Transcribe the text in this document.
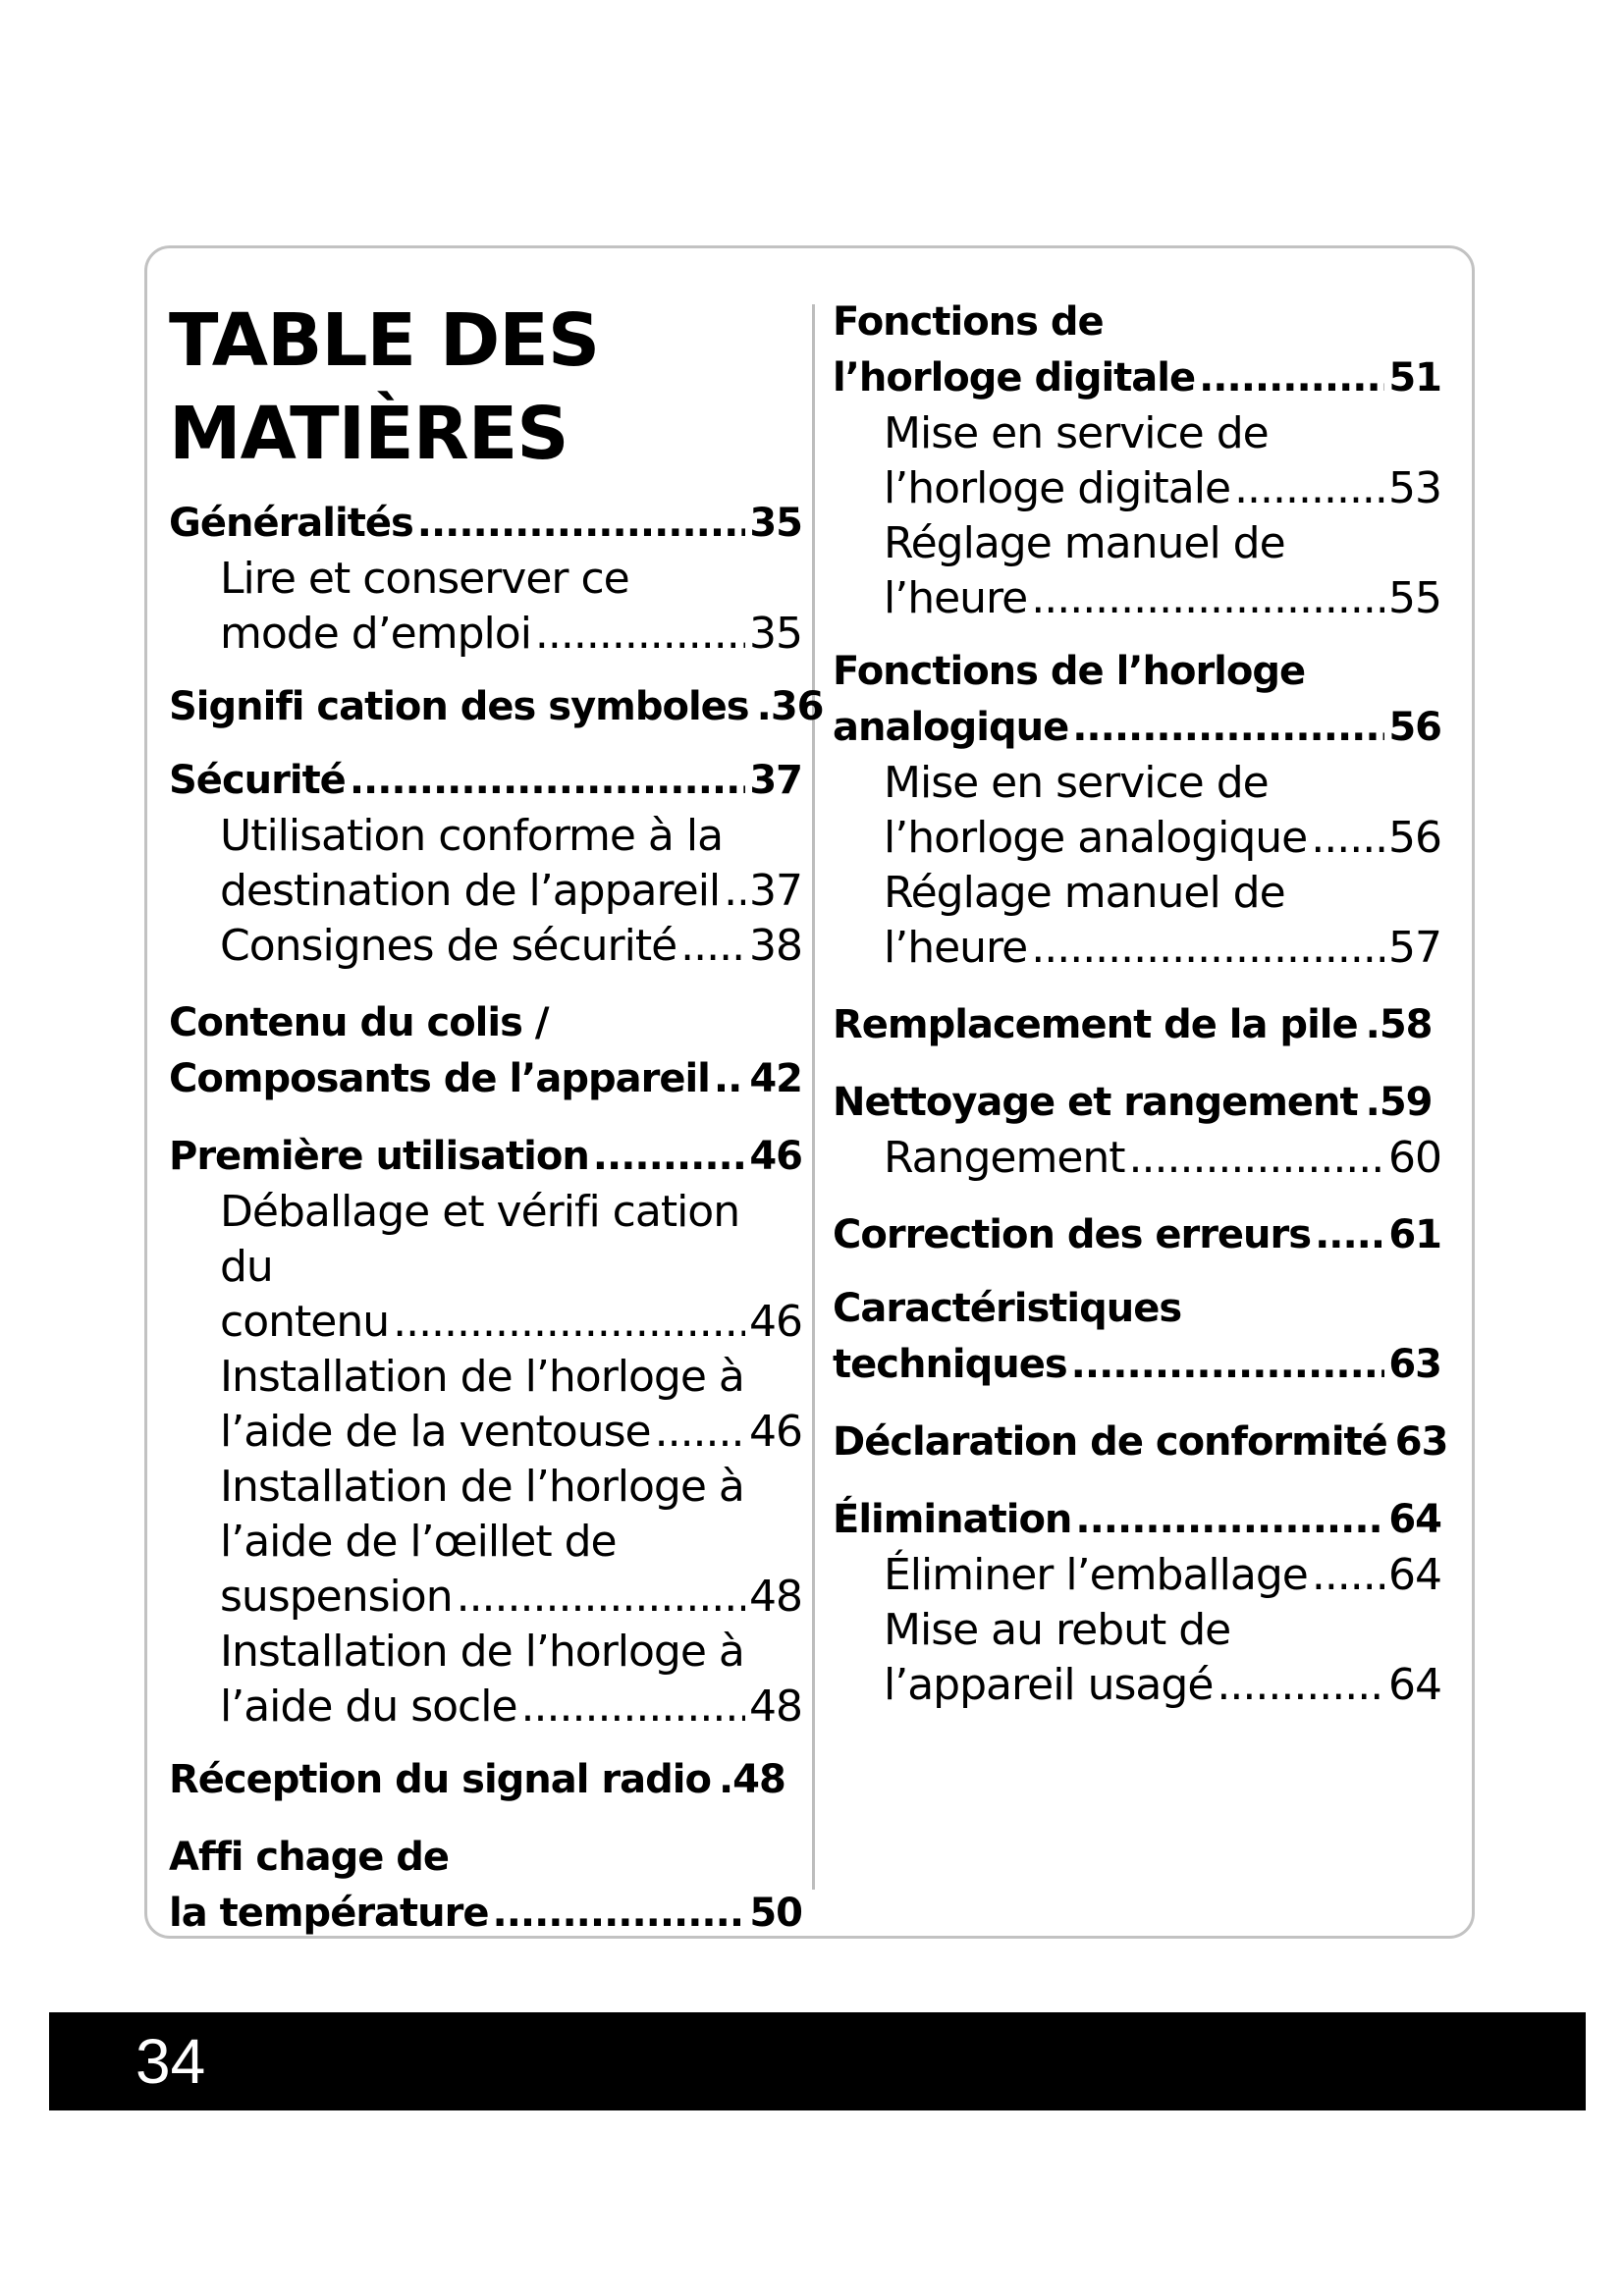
TABLE DES
MATIÈRES
Généralités .....	35
Lire et conserver ce
mode d’emploi .....	35
Signifi cation des symboles .36
Sécurité .....	37
Utilisation conforme à la
destination de l’appareil ..... 37
Consignes de sécurité ..... 38
Contenu du colis /
Composants de l’appareil ..... 42
Première utilisation .....	46
Déballage et vérifi cation du
contenu .....	46
Installation de l’horloge à
l’aide de la ventouse ..... 46
Installation de l’horloge à
l’aide de l’œillet de
suspension .....	48
Installation de l’horloge à
l’aide du socle .....	48
Réception du signal radio .48
Affi chage de
la température .....	50
Fonctions de
l’horloge digitale .....	51
Mise en service de
l’horloge digitale .....	53
Réglage manuel de
l’heure .....	55
Fonctions de l’horloge
analogique .....	56
Mise en service de
l’horloge analogique ..... 56
Réglage manuel de
l’heure .....	57
Remplacement de la pile .58
Nettoyage et rangement .59
Rangement .....	60
Correction des erreurs ..... 61
Caractéristiques
techniques .....	63
Déclaration de conformité 63
Élimination .....	64
Éliminer l’emballage ..... 64
Mise au rebut de
l’appareil usagé .....	64
34
